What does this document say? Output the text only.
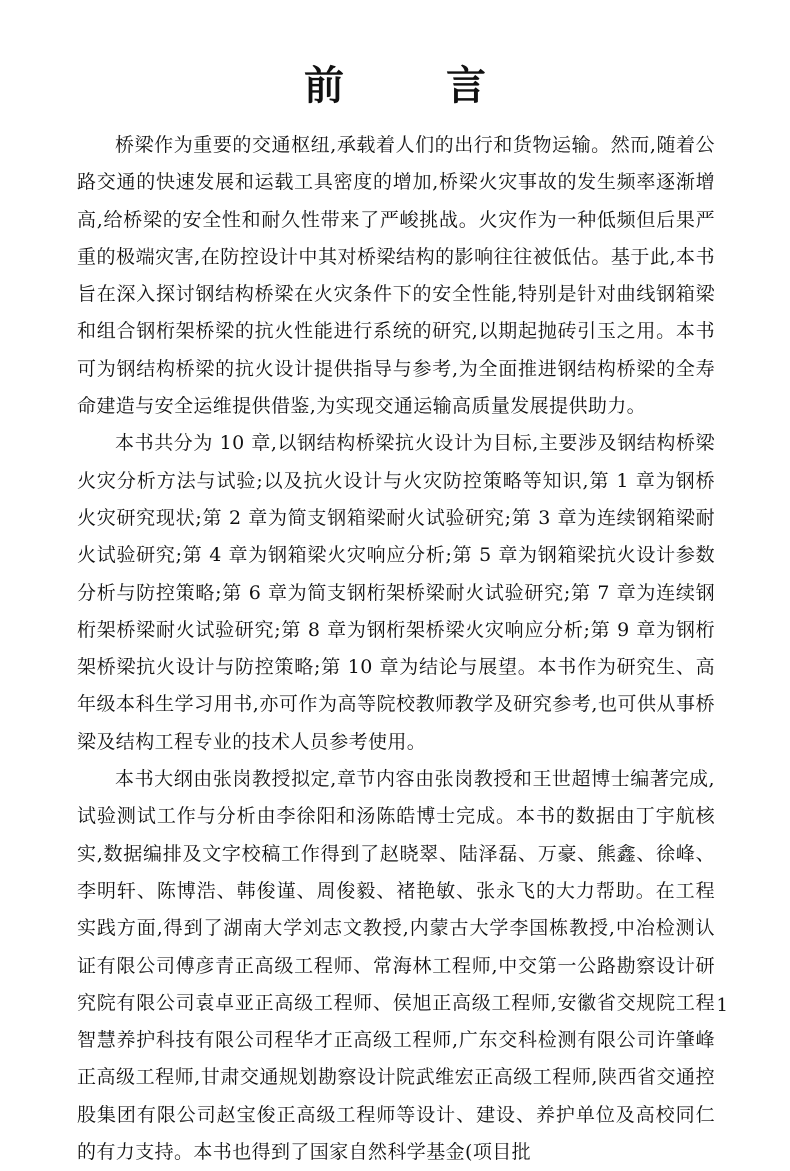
前 言

桥梁作为重要的交通枢纽,承载着人们的出行和货物运输。然而,随着公路交通的快速发展和运载工具密度的增加,桥梁火灾事故的发生频率逐渐增高,给桥梁的安全性和耐久性带来了严峻挑战。火灾作为一种低频但后果严重的极端灾害,在防控设计中其对桥梁结构的影响往往被低估。基于此,本书旨在深入探讨钢结构桥梁在火灾条件下的安全性能,特别是针对曲线钢箱梁和组合钢桁架桥梁的抗火性能进行系统的研究,以期起抛砖引玉之用。本书可为钢结构桥梁的抗火设计提供指导与参考,为全面推进钢结构桥梁的全寿命建造与安全运维提供借鉴,为实现交通运输高质量发展提供助力。

本书共分为 10 章,以钢结构桥梁抗火设计为目标,主要涉及钢结构桥梁火灾分析方法与试验;以及抗火设计与火灾防控策略等知识,第 1 章为钢桥火灾研究现状;第 2 章为简支钢箱梁耐火试验研究;第 3 章为连续钢箱梁耐火试验研究;第 4 章为钢箱梁火灾响应分析;第 5 章为钢箱梁抗火设计参数分析与防控策略;第 6 章为简支钢桁架桥梁耐火试验研究;第 7 章为连续钢桁架桥梁耐火试验研究;第 8 章为钢桁架桥梁火灾响应分析;第 9 章为钢桁架桥梁抗火设计与防控策略;第 10 章为结论与展望。本书作为研究生、高年级本科生学习用书,亦可作为高等院校教师教学及研究参考,也可供从事桥梁及结构工程专业的技术人员参考使用。

本书大纲由张岗教授拟定,章节内容由张岗教授和王世超博士编著完成,试验测试工作与分析由李徐阳和汤陈皓博士完成。本书的数据由丁宇航核实,数据编排及文字校稿工作得到了赵晓翠、陆泽磊、万豪、熊鑫、徐峰、李明轩、陈博浩、韩俊谨、周俊毅、褚艳敏、张永飞的大力帮助。在工程实践方面,得到了湖南大学刘志文教授,内蒙古大学李国栋教授,中冶检测认证有限公司傅彦青正高级工程师、常海林工程师,中交第一公路勘察设计研究院有限公司袁卓亚正高级工程师、侯旭正高级工程师,安徽省交规院工程智慧养护科技有限公司程华才正高级工程师,广东交科检测有限公司许肇峰正高级工程师,甘肃交通规划勘察设计院武维宏正高级工程师,陕西省交通控股集团有限公司赵宝俊正高级工程师等设计、建设、养护单位及高校同仁的有力支持。本书也得到了国家自然科学基金(项目批

1
